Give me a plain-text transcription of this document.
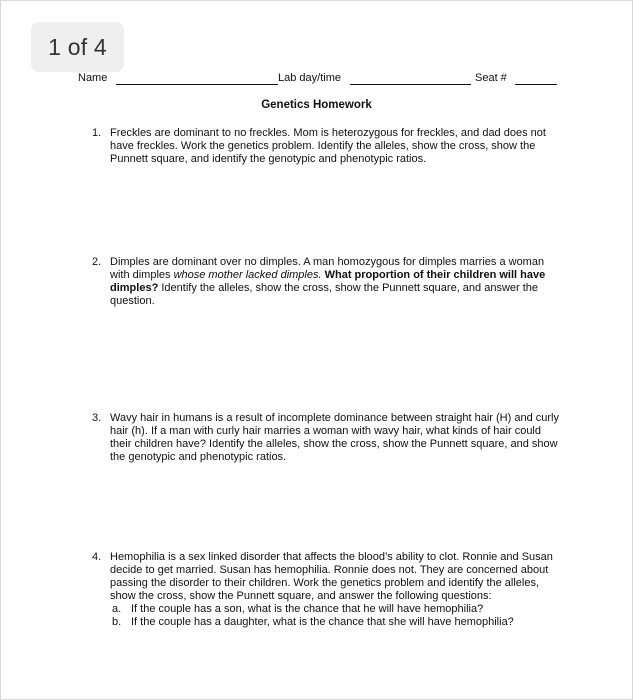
1 of 4
Name	Lab day/time	Seat #
Genetics Homework
1. Freckles are dominant to no freckles. Mom is heterozygous for freckles, and dad does not have freckles. Work the genetics problem. Identify the alleles, show the cross, show the Punnett square, and identify the genotypic and phenotypic ratios.
2. Dimples are dominant over no dimples. A man homozygous for dimples marries a woman with dimples whose mother lacked dimples. What proportion of their children will have dimples? Identify the alleles, show the cross, show the Punnett square, and answer the question.
3. Wavy hair in humans is a result of incomplete dominance between straight hair (H) and curly hair (h). If a man with curly hair marries a woman with wavy hair, what kinds of hair could their children have? Identify the alleles, show the cross, show the Punnett square, and show the genotypic and phenotypic ratios.
4. Hemophilia is a sex linked disorder that affects the blood’s ability to clot. Ronnie and Susan decide to get married. Susan has hemophilia. Ronnie does not. They are concerned about passing the disorder to their children. Work the genetics problem and identify the alleles, show the cross, show the Punnett square, and answer the following questions:
a. If the couple has a son, what is the chance that he will have hemophilia?
b. If the couple has a daughter, what is the chance that she will have hemophilia?
